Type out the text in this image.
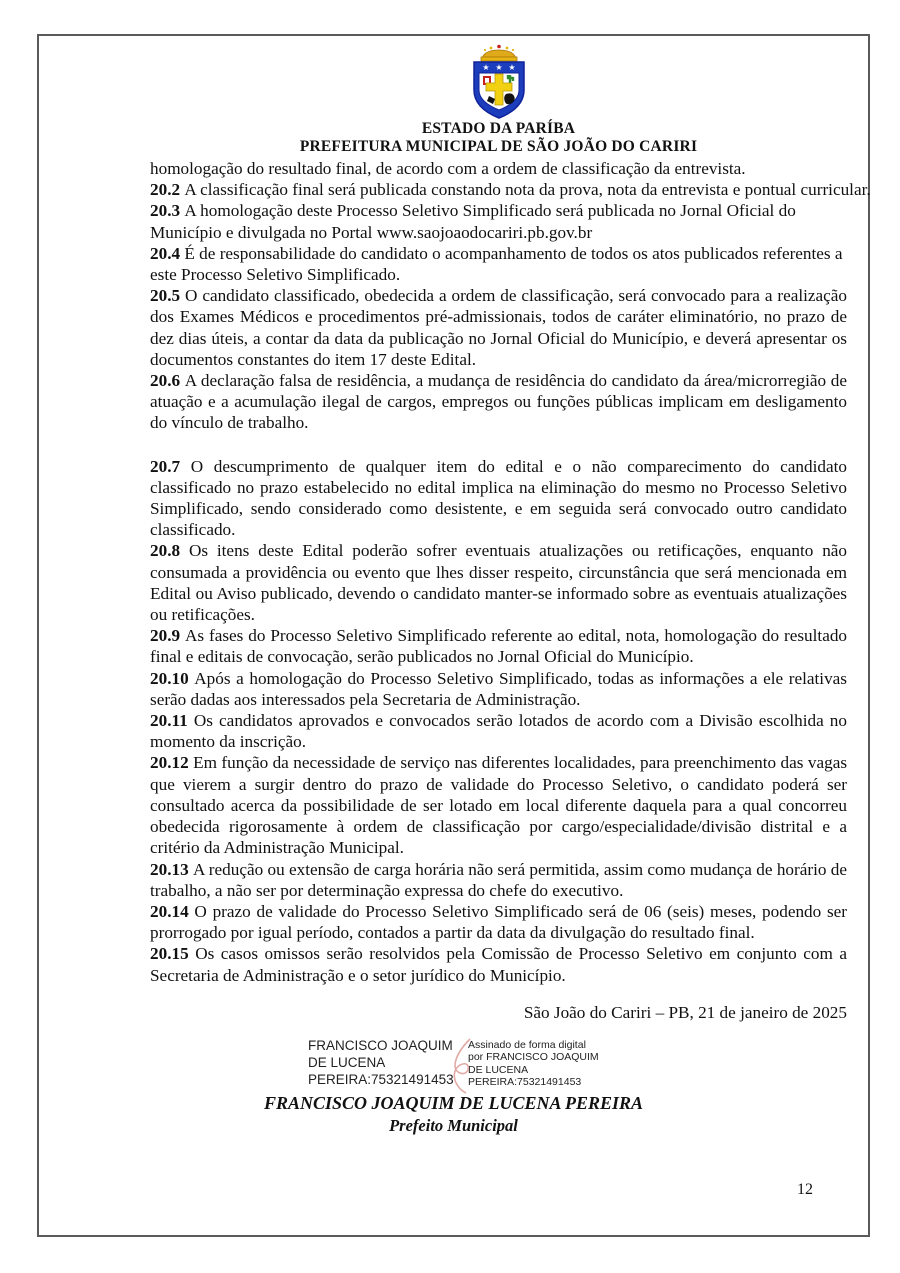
★ ★ ★
ESTADO DA PARÍBA
PREFEITURA MUNICIPAL DE SÃO JOÃO DO CARIRI

homologação do resultado final, de acordo com a ordem de classificação da entrevista.

20.2 A classificação final será publicada constando nota da prova, nota da entrevista e pontual curricular.

20.3 A homologação deste Processo Seletivo Simplificado será publicada no Jornal Oficial do Município e divulgada no Portal www.saojoaodocariri.pb.gov.br

20.4 É de responsabilidade do candidato o acompanhamento de todos os atos publicados referentes a este Processo Seletivo Simplificado.

20.5 O candidato classificado, obedecida a ordem de classificação, será convocado para a realização dos Exames Médicos e procedimentos pré-admissionais, todos de caráter eliminatório, no prazo de dez dias úteis, a contar da data da publicação no Jornal Oficial do Município, e deverá apresentar os documentos constantes do item 17 deste Edital.

20.6 A declaração falsa de residência, a mudança de residência do candidato da área/microrregião de atuação e a acumulação ilegal de cargos, empregos ou funções públicas implicam em desligamento do vínculo de trabalho.

20.7 O descumprimento de qualquer item do edital e o não comparecimento do candidato classificado no prazo estabelecido no edital implica na eliminação do mesmo no Processo Seletivo Simplificado, sendo considerado como desistente, e em seguida será convocado outro candidato classificado.

20.8 Os itens deste Edital poderão sofrer eventuais atualizações ou retificações, enquanto não consumada a providência ou evento que lhes disser respeito, circunstância que será mencionada em Edital ou Aviso publicado, devendo o candidato manter-se informado sobre as eventuais atualizações ou retificações.

20.9 As fases do Processo Seletivo Simplificado referente ao edital, nota, homologação do resultado final e editais de convocação, serão publicados no Jornal Oficial do Município.

20.10 Após a homologação do Processo Seletivo Simplificado, todas as informações a ele relativas serão dadas aos interessados pela Secretaria de Administração.

20.11 Os candidatos aprovados e convocados serão lotados de acordo com a Divisão escolhida no momento da inscrição.

20.12 Em função da necessidade de serviço nas diferentes localidades, para preenchimento das vagas que vierem a surgir dentro do prazo de validade do Processo Seletivo, o candidato poderá ser consultado acerca da possibilidade de ser lotado em local diferente daquela para a qual concorreu obedecida rigorosamente à ordem de classificação por cargo/especialidade/divisão distrital e a critério da Administração Municipal.

20.13 A redução ou extensão de carga horária não será permitida, assim como mudança de horário de trabalho, a não ser por determinação expressa do chefe do executivo.

20.14 O prazo de validade do Processo Seletivo Simplificado será de 06 (seis) meses, podendo ser prorrogado por igual período, contados a partir da data da divulgação do resultado final.

20.15 Os casos omissos serão resolvidos pela Comissão de Processo Seletivo em conjunto com a Secretaria de Administração e o setor jurídico do Município.

São João do Cariri – PB, 21 de janeiro de 2025
FRANCISCO JOAQUIM
DE LUCENA
PEREIRA:75321491453
Assinado de forma digital
por FRANCISCO JOAQUIM
DE LUCENA
PEREIRA:75321491453
FRANCISCO JOAQUIM DE LUCENA PEREIRA
Prefeito Municipal
12
